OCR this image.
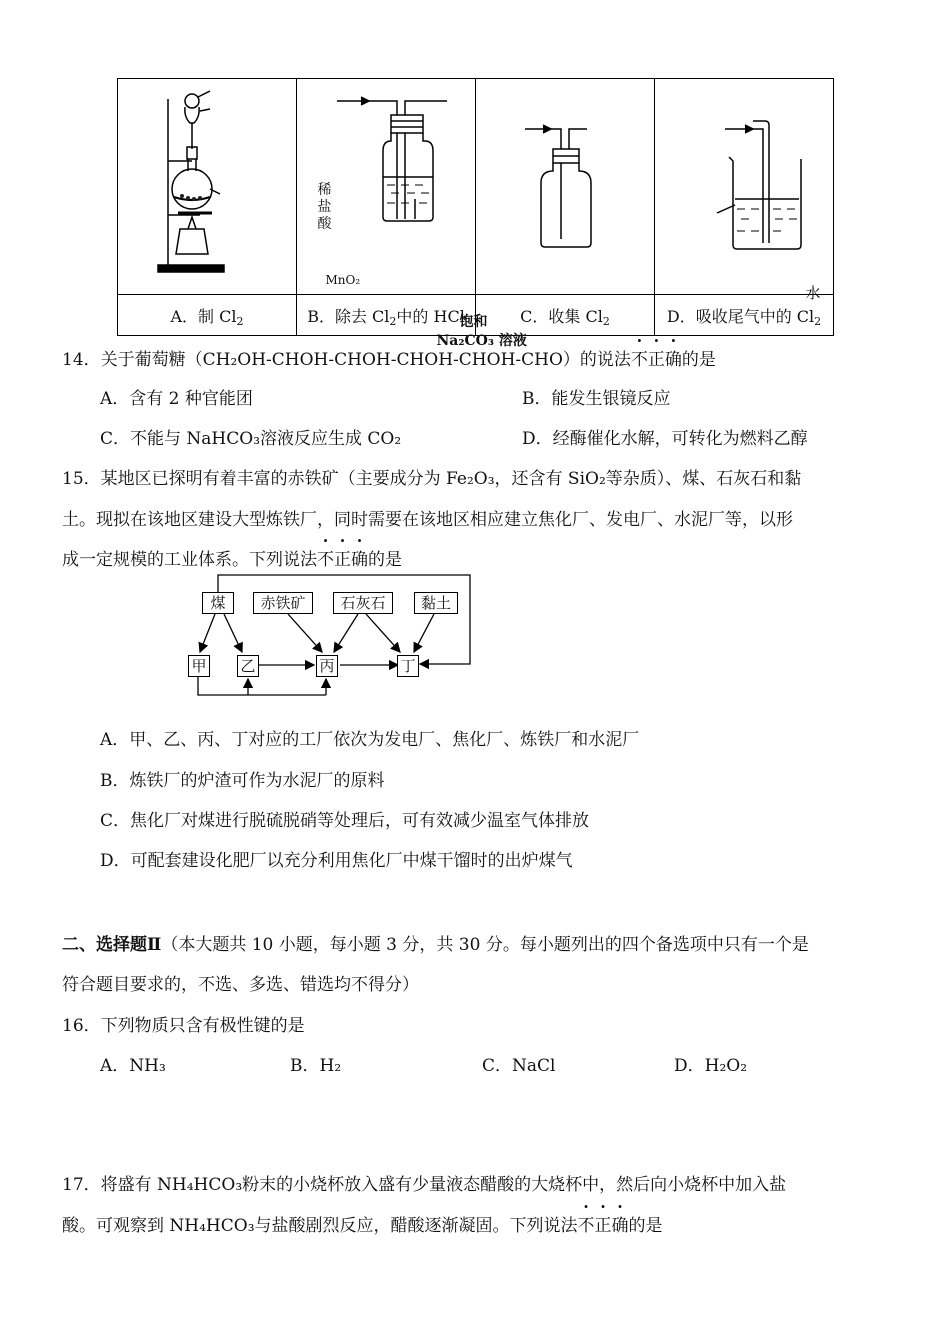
稀
盐
酸
MnO₂	饱和
Na₂CO₃ 溶液		水

A．制 $Cl_2$	B．除去 $Cl_2$中的 HCl	C．收集 $Cl_2$	D．吸收尾气中的 $Cl_2$
14．关于葡萄糖（CH₂OH-CHOH-CHOH-CHOH-CHOH-CHO）的说法不正确的是
A．含有 2 种官能团	B．能发生银镜反应
C．不能与 NaHCO₃溶液反应生成 CO₂	D．经酶催化水解，可转化为燃料乙醇
15．某地区已探明有着丰富的赤铁矿（主要成分为 Fe₂O₃，还含有 SiO₂等杂质）、煤、石灰石和黏
土。现拟在该地区建设大型炼铁厂，同时需要在该地区相应建立焦化厂、发电厂、水泥厂等，以形
成一定规模的工业体系。下列说法不正确的是
煤	赤铁矿	石灰石	黏土
甲 乙	丙	丁
A．甲、乙、丙、丁对应的工厂依次为发电厂、焦化厂、炼铁厂和水泥厂
B．炼铁厂的炉渣可作为水泥厂的原料
C．焦化厂对煤进行脱硫脱硝等处理后，可有效减少温室气体排放
D．可配套建设化肥厂以充分利用焦化厂中煤干馏时的出炉煤气
二、选择题Ⅱ（本大题共 10 小题，每小题 3 分，共 30 分。每小题列出的四个备选项中只有一个是
符合题目要求的，不选、多选、错选均不得分）
16．下列物质只含有极性键的是
A．NH₃	B．H₂	C．NaCl	D．H₂O₂
17．将盛有 NH₄HCO₃粉末的小烧杯放入盛有少量液态醋酸的大烧杯中，然后向小烧杯中加入盐
酸。可观察到 NH₄HCO₃与盐酸剧烈反应，醋酸逐渐凝固。下列说法不正确的是
